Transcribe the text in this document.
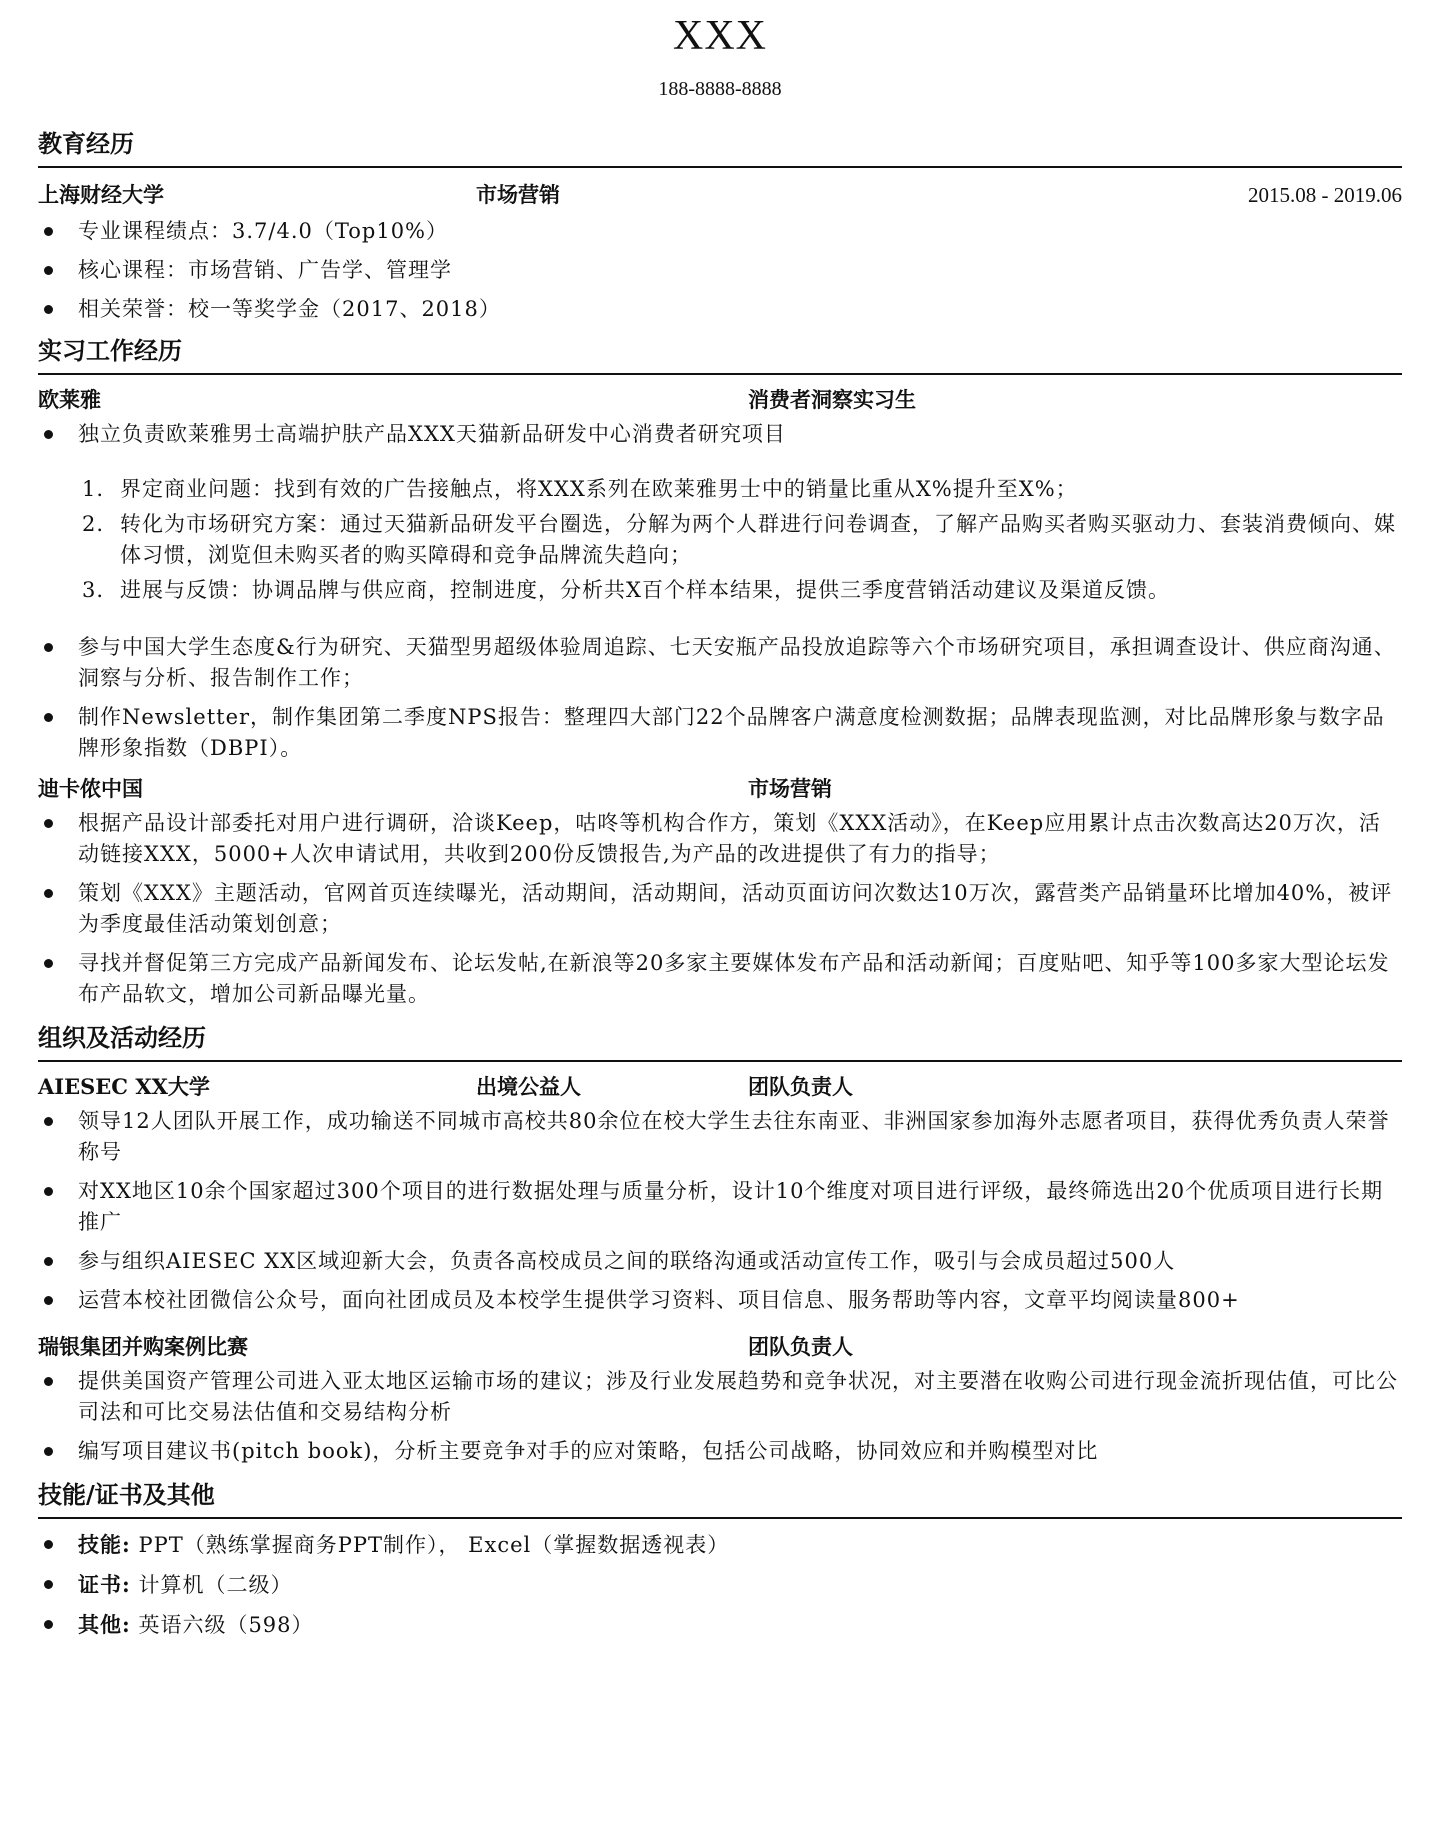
XXX
188-8888-8888
教育经历
上海财经大学	市场营销	2015.08 - 2019.06
专业课程绩点：3.7/4.0（Top10%）
核心课程：市场营销、广告学、管理学
相关荣誉：校一等奖学金（2017、2018）
实习工作经历
欧莱雅	消费者洞察实习生
独立负责欧莱雅男士高端护肤产品XXX天猫新品研发中心消费者研究项目
1. 界定商业问题：找到有效的广告接触点，将XXX系列在欧莱雅男士中的销量比重从X%提升至X%；
2. 转化为市场研究方案：通过天猫新品研发平台圈选，分解为两个人群进行问卷调查，了解产品购买者购买驱动力、套装消费倾向、媒体习惯，浏览但未购买者的购买障碍和竞争品牌流失趋向；
3. 进展与反馈：协调品牌与供应商，控制进度，分析共X百个样本结果，提供三季度营销活动建议及渠道反馈。
参与中国大学生态度&行为研究、天猫型男超级体验周追踪、七天安瓶产品投放追踪等六个市场研究项目，承担调查设计、供应商沟通、洞察与分析、报告制作工作；
制作Newsletter，制作集团第二季度NPS报告：整理四大部门22个品牌客户满意度检测数据；品牌表现监测，对比品牌形象与数字品牌形象指数（DBPI）。
迪卡侬中国	市场营销
根据产品设计部委托对用户进行调研，洽谈Keep，咕咚等机构合作方，策划《XXX活动》，在Keep应用累计点击次数高达20万次，活动链接XXX，5000+人次申请试用，共收到200份反馈报告,为产品的改进提供了有力的指导；
策划《XXX》主题活动，官网首页连续曝光，活动期间，活动期间，活动页面访问次数达10万次，露营类产品销量环比增加40%，被评为季度最佳活动策划创意；
寻找并督促第三方完成产品新闻发布、论坛发帖,在新浪等20多家主要媒体发布产品和活动新闻；百度贴吧、知乎等100多家大型论坛发布产品软文，增加公司新品曝光量。
组织及活动经历
AIESEC XX大学	出境公益人	团队负责人
领导12人团队开展工作，成功输送不同城市高校共80余位在校大学生去往东南亚、非洲国家参加海外志愿者项目，获得优秀负责人荣誉称号
对XX地区10余个国家超过300个项目的进行数据处理与质量分析，设计10个维度对项目进行评级，最终筛选出20个优质项目进行长期推广
参与组织AIESEC XX区域迎新大会，负责各高校成员之间的联络沟通或活动宣传工作，吸引与会成员超过500人
运营本校社团微信公众号，面向社团成员及本校学生提供学习资料、项目信息、服务帮助等内容，文章平均阅读量800+
瑞银集团并购案例比赛	团队负责人
提供美国资产管理公司进入亚太地区运输市场的建议；涉及行业发展趋势和竞争状况，对主要潜在收购公司进行现金流折现估值，可比公司法和可比交易法估值和交易结构分析
编写项目建议书(pitch book)，分析主要竞争对手的应对策略，包括公司战略，协同效应和并购模型对比
技能/证书及其他
技能: PPT（熟练掌握商务PPT制作）， Excel（掌握数据透视表）
证书: 计算机（二级）
其他: 英语六级（598）
